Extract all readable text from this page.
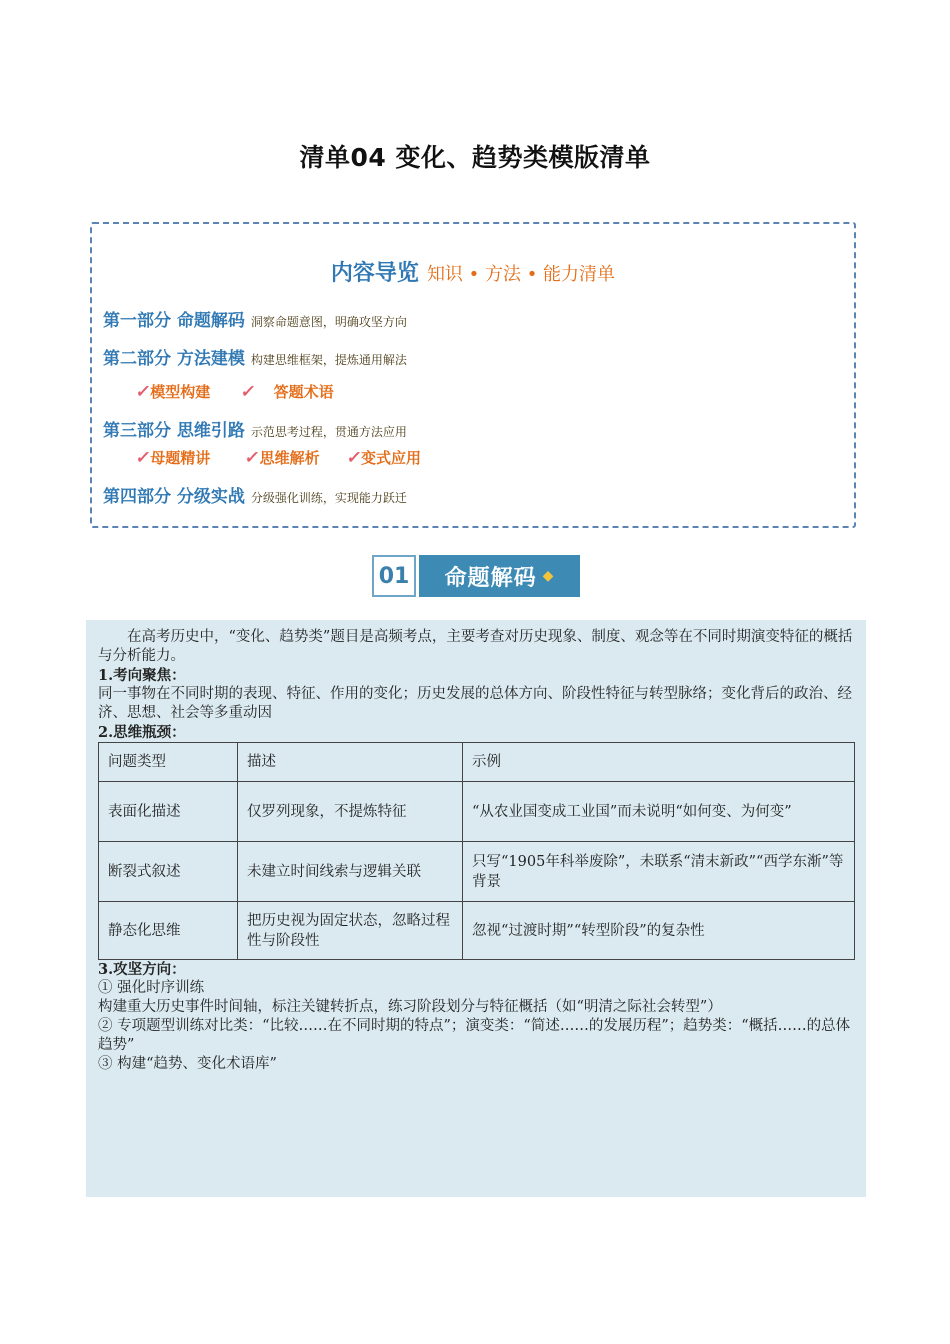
清单04 变化、趋势类模版清单
内容导览 知识 • 方法 • 能力清单
第一部分 命题解码 洞察命题意图，明确攻坚方向
第二部分 方法建模 构建思维框架，提炼通用解法
✓模型构建 ✓ 答题术语
第三部分 思维引路 示范思考过程，贯通方法应用
✓母题精讲 ✓思维解析 ✓变式应用
第四部分 分级实战 分级强化训练，实现能力跃迁
01	命题解码 ◆

在高考历史中，“变化、趋势类”题目是高频考点，主要考查对历史现象、制度、观念等在不同时期演变特征的概括与分析能力。

1.考向聚焦：

同一事物在不同时期的表现、特征、作用的变化；历史发展的总体方向、阶段性特征与转型脉络；变化背后的政治、经济、思想、社会等多重动因

2.思维瓶颈：

问题类型	描述	示例
表面化描述	仅罗列现象，不提炼特征	“从农业国变成工业国”而未说明“如何变、为何变”
断裂式叙述	未建立时间线索与逻辑关联	只写“1905年科举废除”，未联系“清末新政”“西学东渐”等背景
静态化思维	把历史视为固定状态，忽略过程性与阶段性	忽视“过渡时期”“转型阶段”的复杂性

3.攻坚方向：

① 强化时序训练

构建重大历史事件时间轴，标注关键转折点，练习阶段划分与特征概括（如“明清之际社会转型”）

② 专项题型训练对比类：“比较……在不同时期的特点”；演变类：“简述……的发展历程”；趋势类：“概括……的总体趋势”

③ 构建“趋势、变化术语库”
